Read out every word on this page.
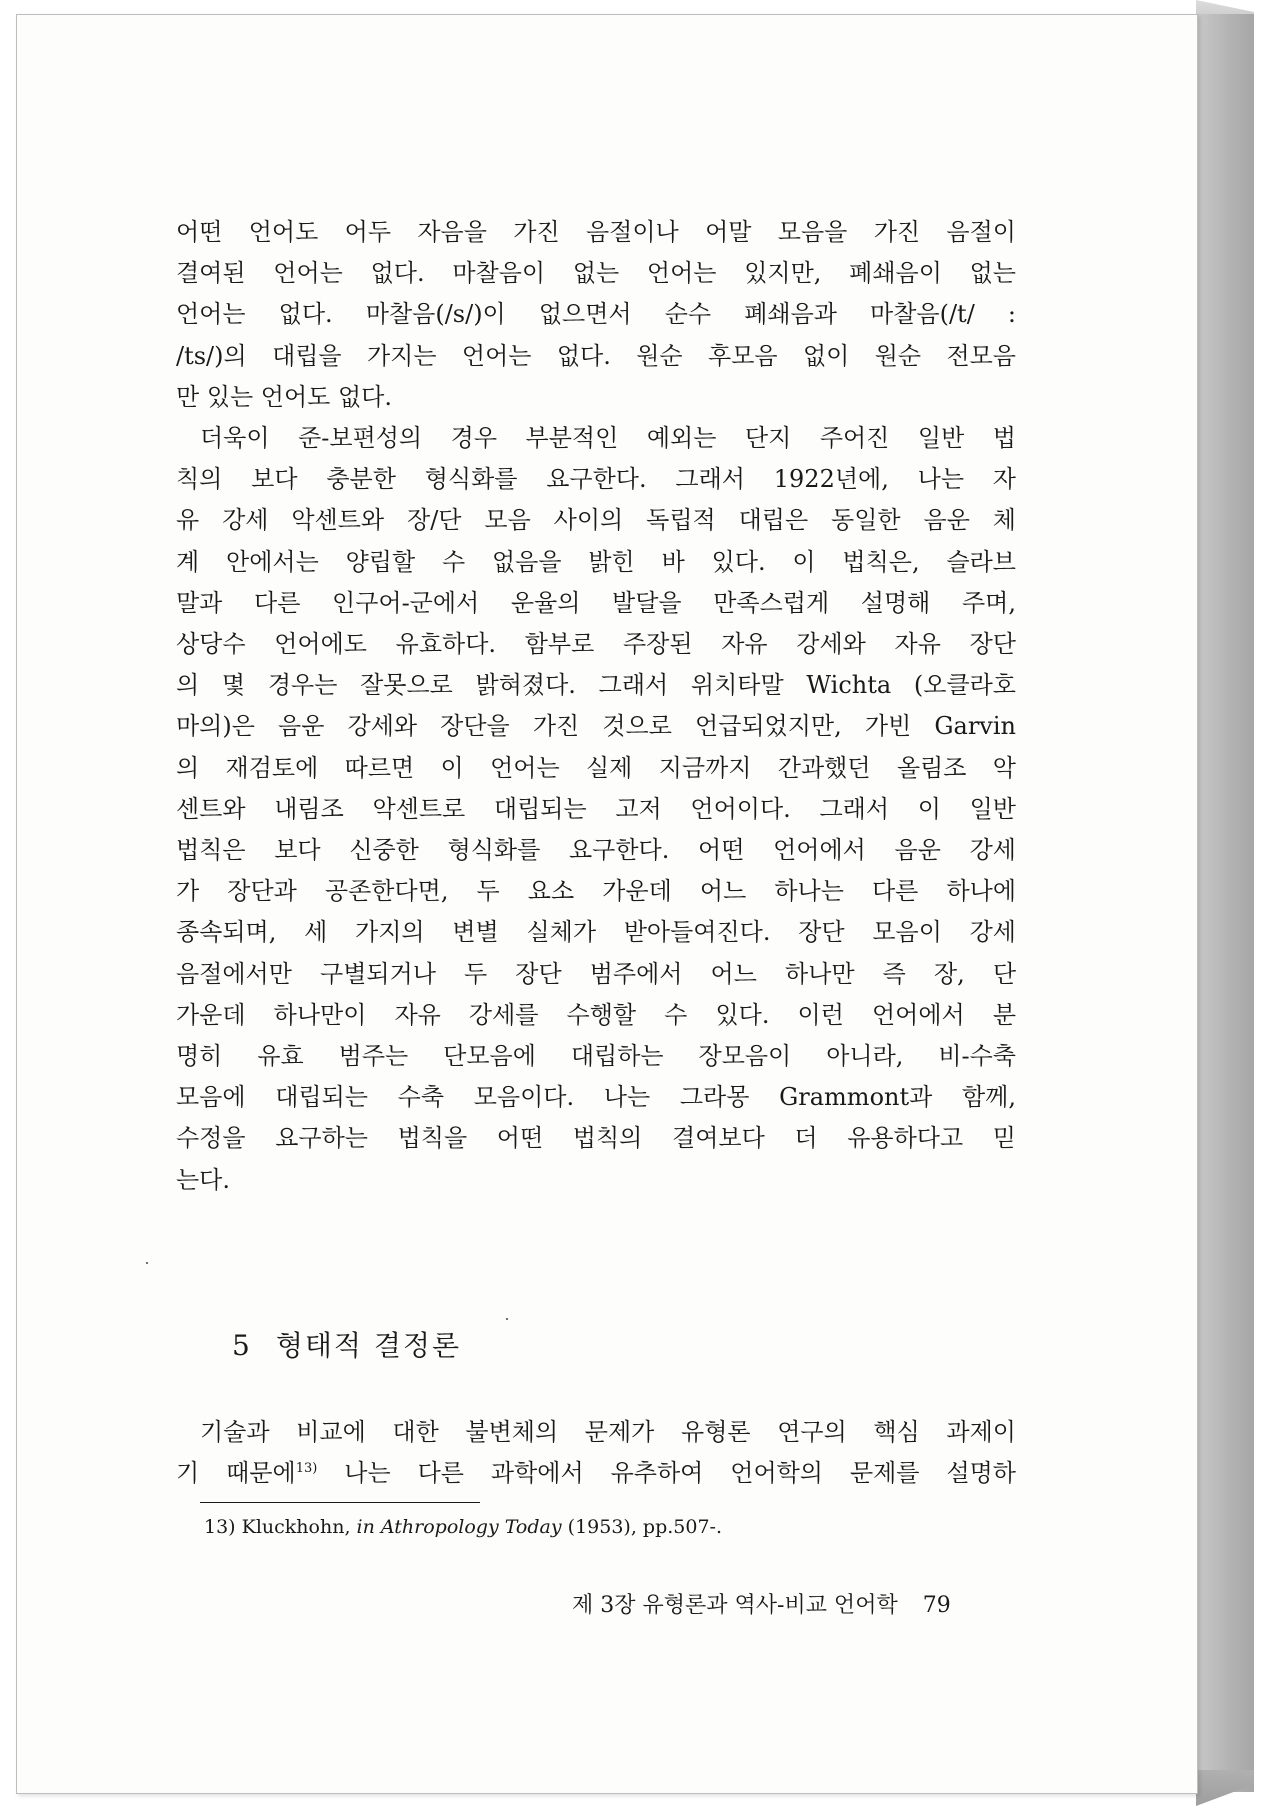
어떤 언어도 어두 자음을 가진 음절이나 어말 모음을 가진 음절이
결여된 언어는 없다. 마찰음이 없는 언어는 있지만, 폐쇄음이 없는
언어는 없다. 마찰음(/s/)이 없으면서 순수 폐쇄음과 마찰음(/t/ :
/ts/)의 대립을 가지는 언어는 없다. 원순 후모음 없이 원순 전모음
만 있는 언어도 없다.

더욱이 준-보편성의 경우 부분적인 예외는 단지 주어진 일반 법
칙의 보다 충분한 형식화를 요구한다. 그래서 1922년에, 나는 자
유 강세 악센트와 장/단 모음 사이의 독립적 대립은 동일한 음운 체
계 안에서는 양립할 수 없음을 밝힌 바 있다. 이 법칙은, 슬라브
말과 다른 인구어-군에서 운율의 발달을 만족스럽게 설명해 주며,
상당수 언어에도 유효하다. 함부로 주장된 자유 강세와 자유 장단
의 몇 경우는 잘못으로 밝혀졌다. 그래서 위치타말 Wichta (오클라호
마의)은 음운 강세와 장단을 가진 것으로 언급되었지만, 가빈 Garvin
의 재검토에 따르면 이 언어는 실제 지금까지 간과했던 올림조 악
센트와 내림조 악센트로 대립되는 고저 언어이다. 그래서 이 일반
법칙은 보다 신중한 형식화를 요구한다. 어떤 언어에서 음운 강세
가 장단과 공존한다면, 두 요소 가운데 어느 하나는 다른 하나에
종속되며, 세 가지의 변별 실체가 받아들여진다. 장단 모음이 강세
음절에서만 구별되거나 두 장단 범주에서 어느 하나만 즉 장, 단
가운데 하나만이 자유 강세를 수행할 수 있다. 이런 언어에서 분
명히 유효 범주는 단모음에 대립하는 장모음이 아니라, 비-수축
모음에 대립되는 수축 모음이다. 나는 그라몽 Grammont과 함께,
수정을 요구하는 법칙을 어떤 법칙의 결여보다 더 유용하다고 믿
는다.

5 형태적 결정론

기술과 비교에 대한 불변체의 문제가 유형론 연구의 핵심 과제이
기 때문에$^{13)}$ 나는 다른 과학에서 유추하여 언어학의 문제를 설명하

13) Kluckhohn, in Athropology Today (1953), pp.507-.
제 3장 유형론과 역사-비교 언어학 79
